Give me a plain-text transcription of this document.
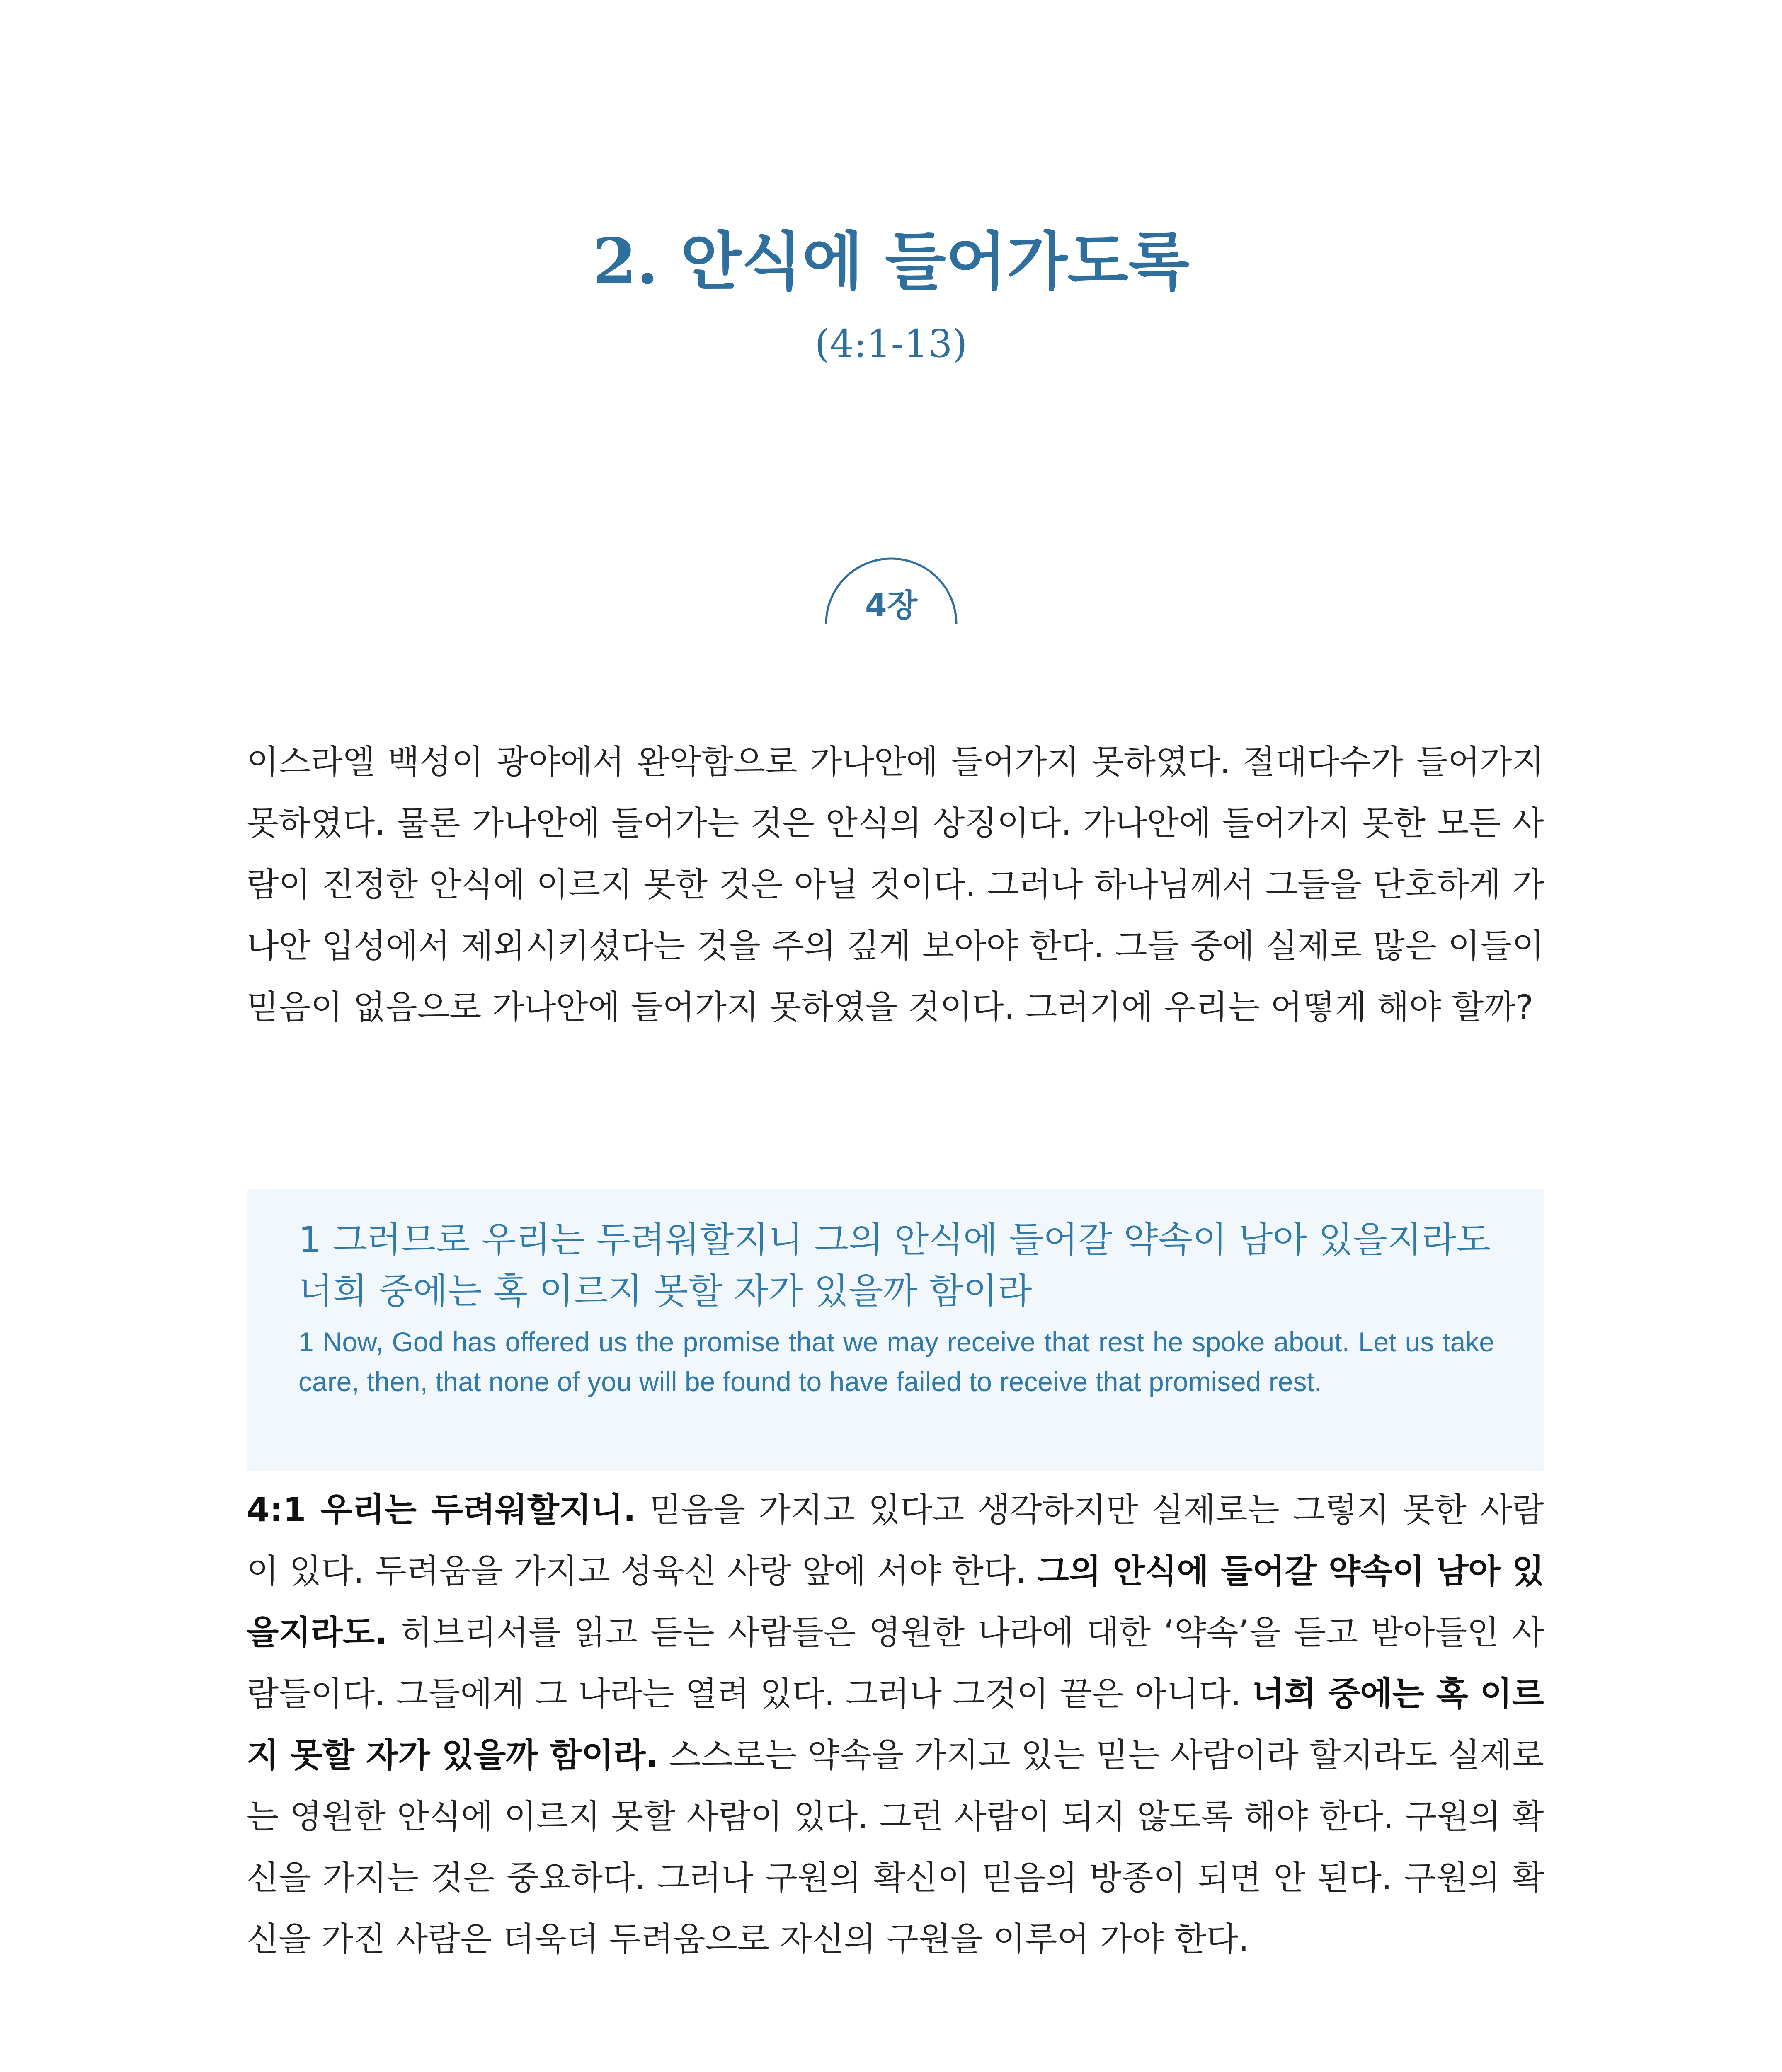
2. 안식에 들어가도록
(4:1-13)
4장

이스라엘 백성이 광야에서 완악함으로 가나안에 들어가지 못하였다. 절대다수가 들어가지 못하였다. 물론 가나안에 들어가는 것은 안식의 상징이다. 가나안에 들어가지 못한 모든 사람이 진정한 안식에 이르지 못한 것은 아닐 것이다. 그러나 하나님께서 그들을 단호하게 가나안 입성에서 제외시키셨다는 것을 주의 깊게 보아야 한다. 그들 중에 실제로 많은 이들이 믿음이 없음으로 가나안에 들어가지 못하였을 것이다. 그러기에 우리는 어떻게 해야 할까?

1 그러므로 우리는 두려워할지니 그의 안식에 들어갈 약속이 남아 있을지라도 너희 중에는 혹 이르지 못할 자가 있을까 함이라
1 Now, God has offered us the promise that we may receive that rest he spoke about. Let us take care, then, that none of you will be found to have failed to receive that promised rest.

4:1 우리는 두려워할지니. 믿음을 가지고 있다고 생각하지만 실제로는 그렇지 못한 사람이 있다. 두려움을 가지고 성육신 사랑 앞에 서야 한다. 그의 안식에 들어갈 약속이 남아 있을지라도. 히브리서를 읽고 듣는 사람들은 영원한 나라에 대한 ‘약속’을 듣고 받아들인 사람들이다. 그들에게 그 나라는 열려 있다. 그러나 그것이 끝은 아니다. 너희 중에는 혹 이르지 못할 자가 있을까 함이라. 스스로는 약속을 가지고 있는 믿는 사람이라 할지라도 실제로는 영원한 안식에 이르지 못할 사람이 있다. 그런 사람이 되지 않도록 해야 한다. 구원의 확신을 가지는 것은 중요하다. 그러나 구원의 확신이 믿음의 방종이 되면 안 된다. 구원의 확신을 가진 사람은 더욱더 두려움으로 자신의 구원을 이루어 가야 한다.
